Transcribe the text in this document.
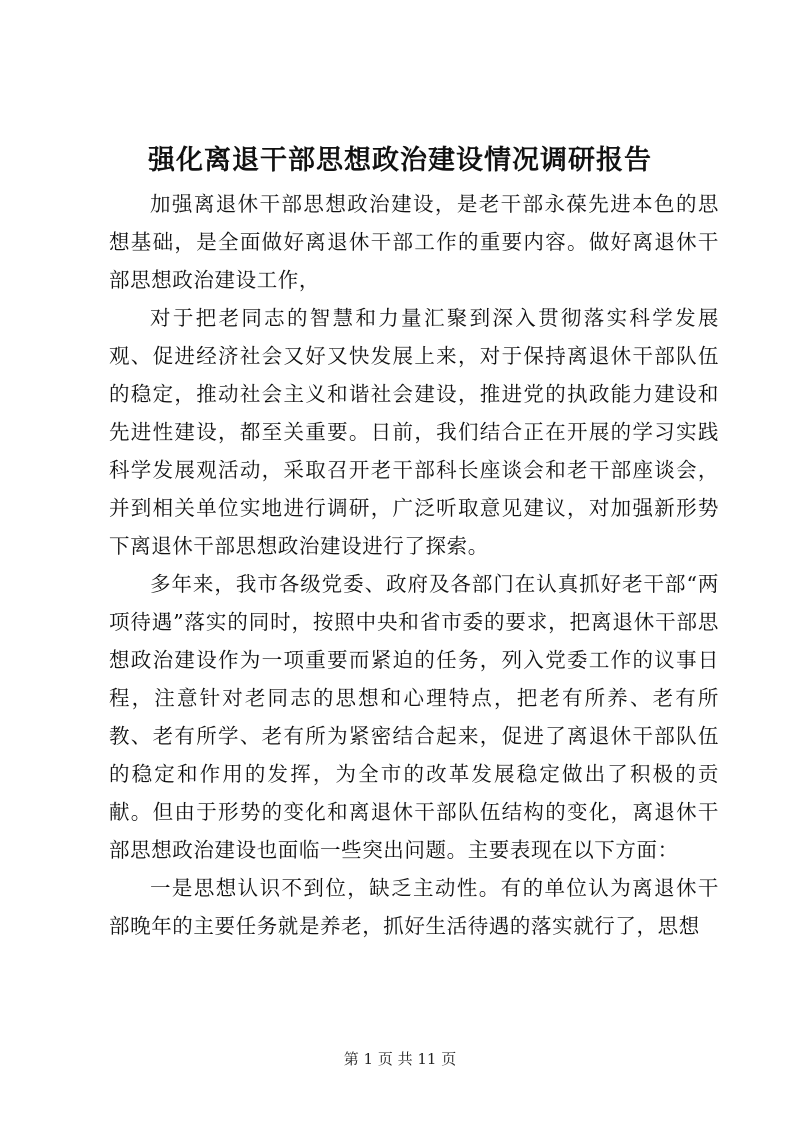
强化离退干部思想政治建设情况调研报告

加强离退休干部思想政治建设，是老干部永葆先进本色的思想基础，是全面做好离退休干部工作的重要内容。做好离退休干部思想政治建设工作，

对于把老同志的智慧和力量汇聚到深入贯彻落实科学发展观、促进经济社会又好又快发展上来，对于保持离退休干部队伍的稳定，推动社会主义和谐社会建设，推进党的执政能力建设和先进性建设，都至关重要。日前，我们结合正在开展的学习实践科学发展观活动，采取召开老干部科长座谈会和老干部座谈会，并到相关单位实地进行调研，广泛听取意见建议，对加强新形势下离退休干部思想政治建设进行了探索。

多年来，我市各级党委、政府及各部门在认真抓好老干部“两项待遇”落实的同时，按照中央和省市委的要求，把离退休干部思想政治建设作为一项重要而紧迫的任务，列入党委工作的议事日程，注意针对老同志的思想和心理特点，把老有所养、老有所教、老有所学、老有所为紧密结合起来，促进了离退休干部队伍的稳定和作用的发挥，为全市的改革发展稳定做出了积极的贡献。但由于形势的变化和离退休干部队伍结构的变化，离退休干部思想政治建设也面临一些突出问题。主要表现在以下方面：

一是思想认识不到位，缺乏主动性。有的单位认为离退休干部晚年的主要任务就是养老，抓好生活待遇的落实就行了，思想

第 1 页 共 11 页
